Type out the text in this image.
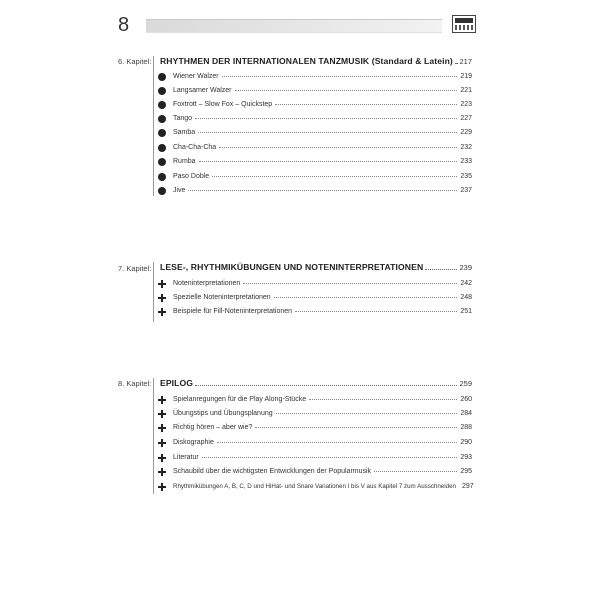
8
6. Kapitel: RHYTHMEN DER INTERNATIONALEN TANZMUSIK (Standard & Latein) 217
Wiener Walzer	219
Langsamer Walzer	221
Foxtrott – Slow Fox – Quickstep	223
Tango	227
Samba	229
Cha-Cha-Cha	232
Rumba	233
Paso Doble	235
Jive	237
7. Kapitel: LESE-, RHYTHMIKÜBUNGEN UND NOTENINTERPRETATIONEN	239
Noteninterpretationen	242
Spezielle Noteninterpretationen	248
Beispiele für Fill-Noteninterpretationen	251
8. Kapitel: EPILOG	259
Spielanregungen für die Play Along-Stücke	260
Übungstips und Übungsplanung	284
Richtig hören – aber wie?	288
Diskographie	290
Literatur	293
Schaubild über die wichtigsten Entwicklungen der Popularmusik	295
Rhythmikübungen A, B, C, D und HiHat- und Snare Variationen I bis V aus Kapitel 7 zum Ausschneiden 297
